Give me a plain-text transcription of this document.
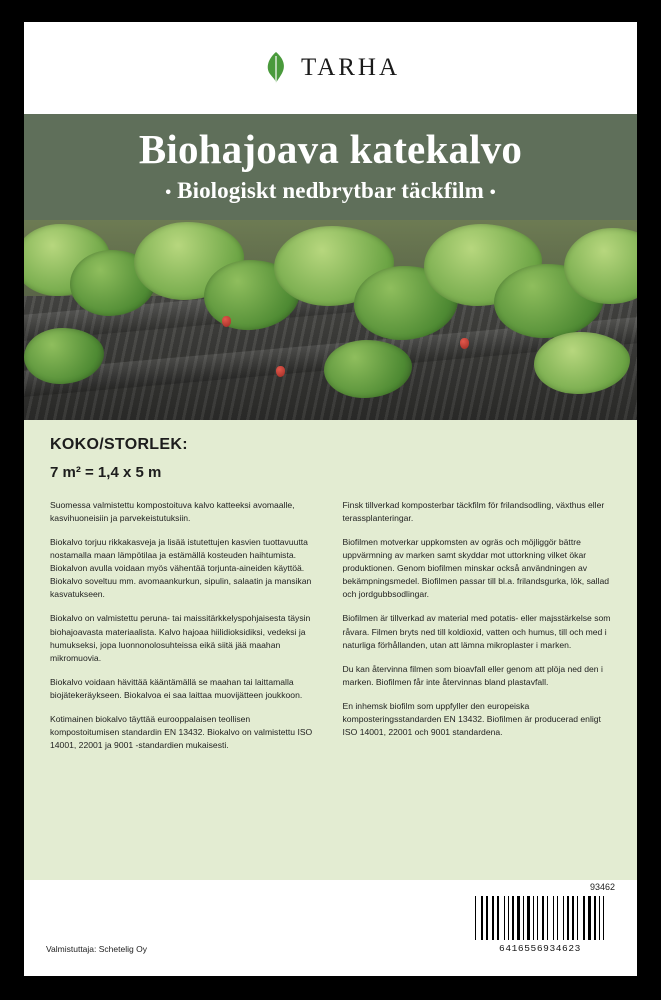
TARHA
Biohajoava katekalvo
• Biologiskt nedbrytbar täckfilm •
KOKO/STORLEK:
7 m² = 1,4 x 5 m

Suomessa valmistettu kompostoituva kalvo katteeksi avomaalle, kasvihuoneisiin ja parvekeistutuksiin.

Biokalvo torjuu rikkakasveja ja lisää istutettujen kasvien tuottavuutta nostamalla maan lämpötilaa ja estämällä kosteuden haihtumista. Biokalvon avulla voidaan myös vähentää torjunta-aineiden käyttöä. Biokalvo soveltuu mm. avomaankurkun, sipulin, salaatin ja mansikan kasvatukseen.

Biokalvo on valmistettu peruna- tai maissitärkkelyspohjaisesta täysin biohajoavasta materiaalista. Kalvo hajoaa hiilidioksidiksi, vedeksi ja humukseksi, jopa luonnonolosuhteissa eikä siitä jää maahan mikromuovia.

Biokalvo voidaan hävittää kääntämällä se maahan tai laittamalla biojätekeräykseen. Biokalvoa ei saa laittaa muovijätteen joukkoon.

Kotimainen biokalvo täyttää eurooppalaisen teollisen kompostoitumisen standardin EN 13432. Biokalvo on valmistettu ISO 14001, 22001 ja 9001 -standardien mukaisesti.

Finsk tillverkad komposterbar täckfilm för frilandsodling, växthus eller terassplanteringar.

Biofilmen motverkar uppkomsten av ogräs och möjliggör bättre uppvärmning av marken samt skyddar mot uttorkning vilket ökar produktionen. Genom biofilmen minskar också användningen av bekämpningsmedel. Biofilmen passar till bl.a. frilandsgurka, lök, sallad och jordgubbsodlingar.

Biofilmen är tillverkad av material med potatis- eller majsstärkelse som råvara. Filmen bryts ned till koldioxid, vatten och humus, till och med i naturliga förhållanden, utan att lämna mikroplaster i marken.

Du kan återvinna filmen som bioavfall eller genom att plöja ned den i marken. Biofilmen får inte återvinnas bland plastavfall.

En inhemsk biofilm som uppfyller den europeiska komposteringsstandarden EN 13432. Biofilmen är producerad enligt ISO 14001, 22001 och 9001 standardena.

Valmistuttaja: Schetelig Oy
93462
6416556934623
